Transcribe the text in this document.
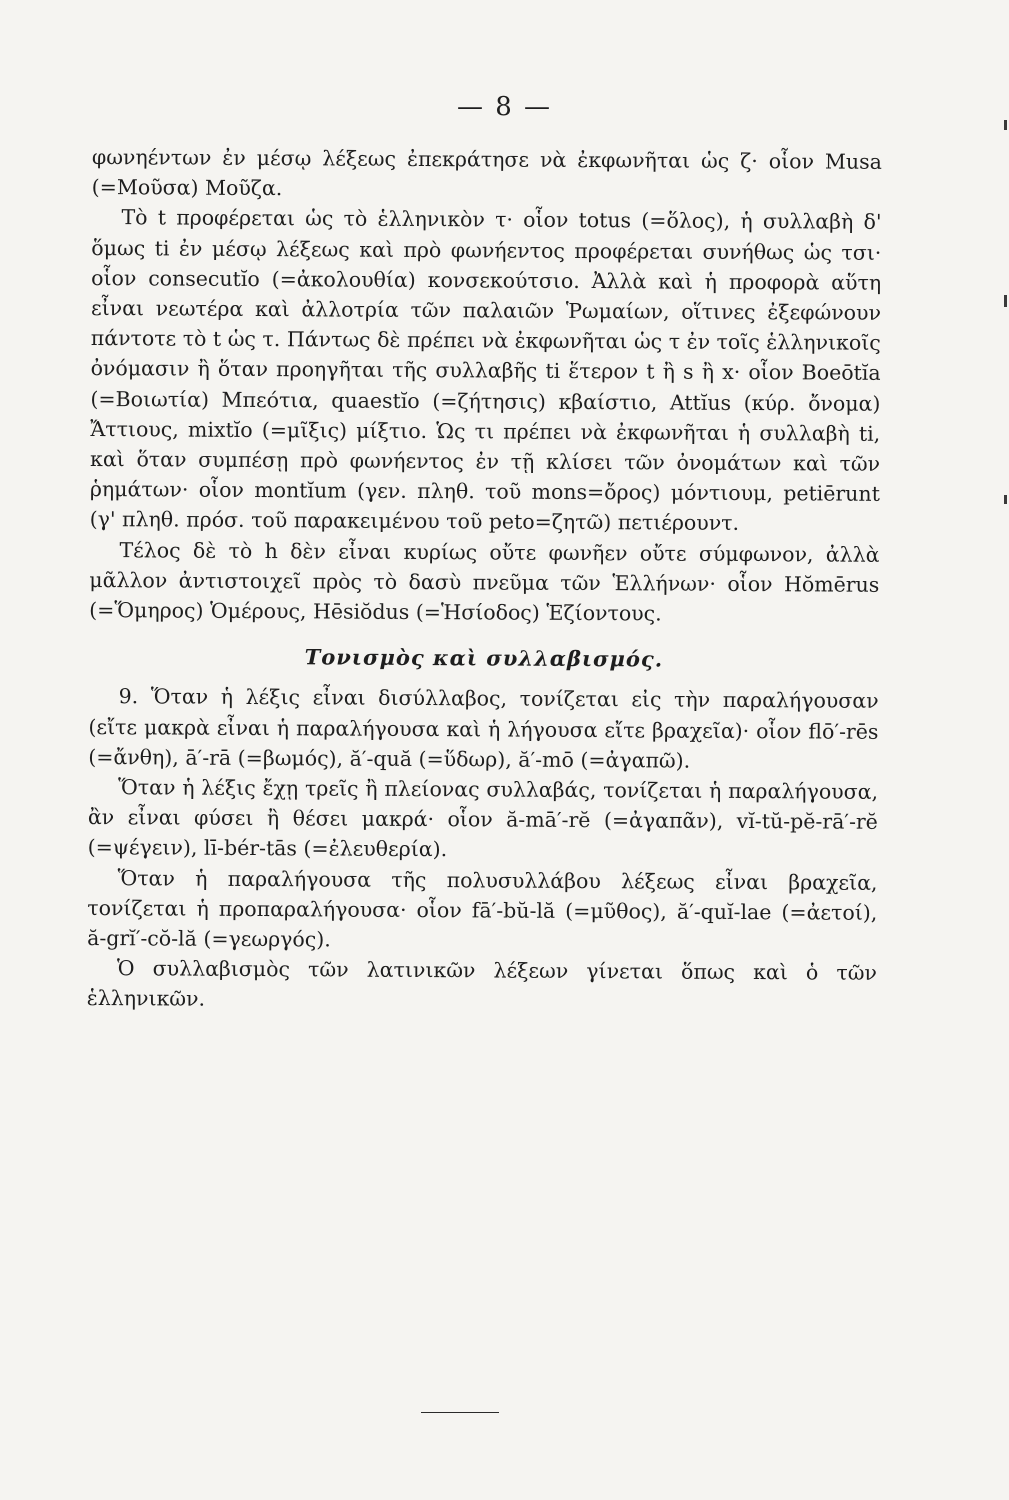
— 8 —

φωνηέντων ἐν μέσῳ λέξεως ἐπεκράτησε νὰ ἐκφωνῆται ὡς ζ· οἷον Musa (=Μοῦσα) Μοῦζα.

Τὸ t προφέρεται ὡς τὸ ἑλληνικὸν τ· οἷον totus (=ὅλος), ἡ συλλαβὴ δ' ὅμως ti ἐν μέσῳ λέξεως καὶ πρὸ φωνήεντος προφέρεται συνήθως ὡς τσι· οἷον consecutĭo (=ἀκολουθία) κονσεκούτσιο. Ἀλλὰ καὶ ἡ προφορὰ αὕτη εἶναι νεωτέρα καὶ ἀλλοτρία τῶν παλαιῶν Ῥωμαίων, οἵτινες ἐξεφώνουν πάντοτε τὸ t ὡς τ. Πάντως δὲ πρέπει νὰ ἐκφωνῆται ὡς τ ἐν τοῖς ἑλληνικοῖς ὀνόμασιν ἢ ὅταν προηγῆται τῆς συλλαβῆς ti ἕτερον t ἢ s ἢ x· οἷον Boeōtĭa (=Βοιωτία) Μπεότια, quaestĭo (=ζήτησις) κβαίστιο, Attĭus (κύρ. ὄνομα) Ἄττιους, mixtĭo (=μῖξις) μίξτιο. Ὡς τι πρέπει νὰ ἐκφωνῆται ἡ συλλαβὴ ti, καὶ ὅταν συμπέσῃ πρὸ φωνήεντος ἐν τῇ κλίσει τῶν ὀνομάτων καὶ τῶν ῥημάτων· οἷον montĭum (γεν. πληθ. τοῦ mons=ὄρος) μόντιουμ, petiērunt (γ' πληθ. πρόσ. τοῦ παρακειμένου τοῦ peto=ζητῶ) πετιέρουντ.

Τέλος δὲ τὸ h δὲν εἶναι κυρίως οὔτε φωνῆεν οὔτε σύμφωνον, ἀλλὰ μᾶλλον ἀντιστοιχεῖ πρὸς τὸ δασὺ πνεῦμα τῶν Ἑλλήνων· οἷον Hŏmērus (=Ὅμηρος) Ὁμέρους, Hēsiŏdus (=Ἡσίοδος) Ἑζίοντους.

Τονισμὸς καὶ συλλαβισμός.

9. Ὅταν ἡ λέξις εἶναι δισύλλαβος, τονίζεται εἰς τὴν παραλήγουσαν (εἴτε μακρὰ εἶναι ἡ παραλήγουσα καὶ ἡ λήγουσα εἴτε βραχεῖα)· οἷον flō′-rēs (=ἄνθη), ā′-rā (=βωμός), ă′-quă (=ὕδωρ), ă′-mō (=ἀγαπῶ).

Ὅταν ἡ λέξις ἔχῃ τρεῖς ἢ πλείονας συλλαβάς, τονίζεται ἡ παραλήγουσα, ἂν εἶναι φύσει ἢ θέσει μακρά· οἷον ă-mā′-rĕ (=ἀγαπᾶν), vĭ-tŭ-pĕ-rā′-rĕ (=ψέγειν), lī-bér-tās (=ἐλευθερία).

Ὅταν ἡ παραλήγουσα τῆς πολυσυλλάβου λέξεως εἶναι βραχεῖα, τονίζεται ἡ προπαραλήγουσα· οἷον fā′-bŭ-lă (=μῦθος), ă′-quĭ-lae (=ἀετοί), ă-grĭ′-cŏ-lă (=γεωργός).

Ὁ συλλαβισμὸς τῶν λατινικῶν λέξεων γίνεται ὅπως καὶ ὁ τῶν ἑλληνικῶν.
